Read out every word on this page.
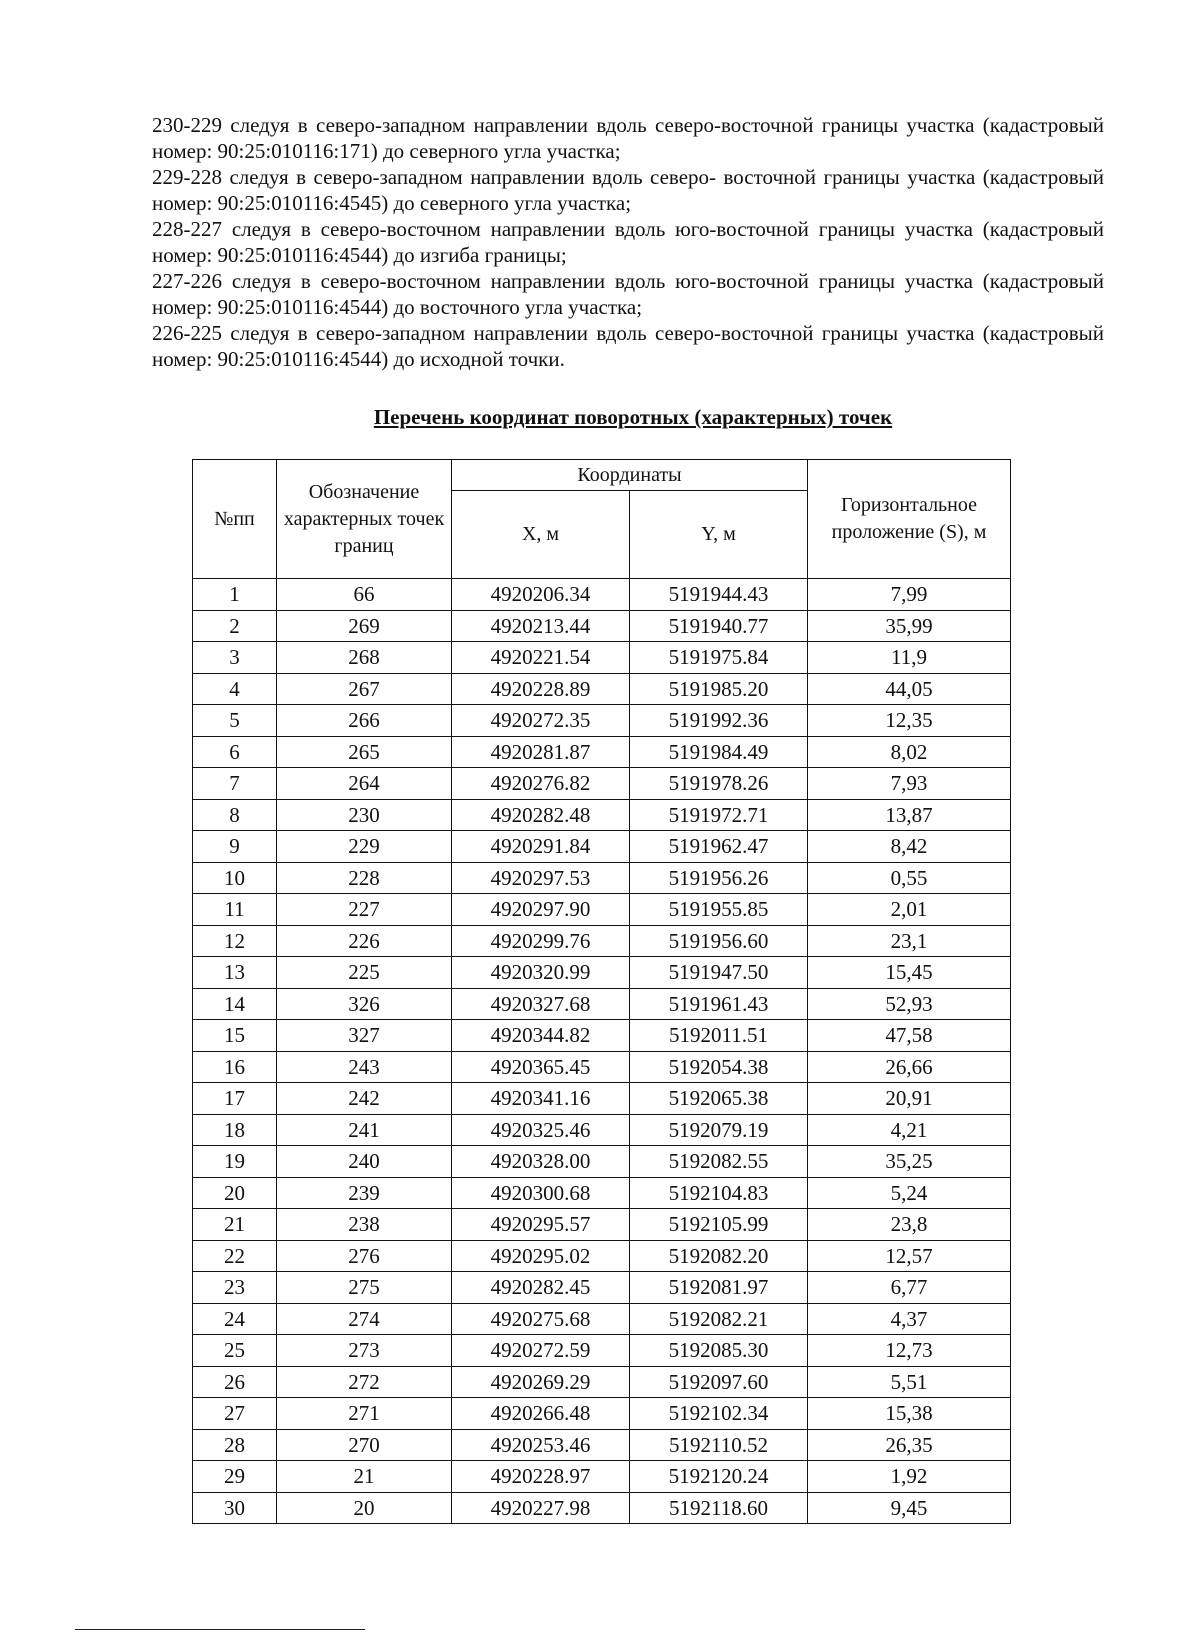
230-229 следуя в северо-западном направлении вдоль северо-восточной границы участка (кадастровый номер: 90:25:010116:171) до северного угла участка;

229-228 следуя в северо-западном направлении вдоль северо- восточной границы участка (кадастровый номер: 90:25:010116:4545) до северного угла участка;

228-227 следуя в северо-восточном направлении вдоль юго-восточной границы участка (кадастровый номер: 90:25:010116:4544) до изгиба границы;

227-226 следуя в северо-восточном направлении вдоль юго-восточной границы участка (кадастровый номер: 90:25:010116:4544) до восточного угла участка;

226-225 следуя в северо-западном направлении вдоль северо-восточной границы участка (кадастровый номер: 90:25:010116:4544) до исходной точки.

Перечень координат поворотных (характерных) точек
№пп	Обозначение характерных точек границ	Координаты		Горизонтальное проложение (S), м
		X, м	Y, м	
1	66	4920206.34	5191944.43	7,99
2	269	4920213.44	5191940.77	35,99
3	268	4920221.54	5191975.84	11,9
4	267	4920228.89	5191985.20	44,05
5	266	4920272.35	5191992.36	12,35
6	265	4920281.87	5191984.49	8,02
7	264	4920276.82	5191978.26	7,93
8	230	4920282.48	5191972.71	13,87
9	229	4920291.84	5191962.47	8,42
10	228	4920297.53	5191956.26	0,55
11	227	4920297.90	5191955.85	2,01
12	226	4920299.76	5191956.60	23,1
13	225	4920320.99	5191947.50	15,45
14	326	4920327.68	5191961.43	52,93
15	327	4920344.82	5192011.51	47,58
16	243	4920365.45	5192054.38	26,66
17	242	4920341.16	5192065.38	20,91
18	241	4920325.46	5192079.19	4,21
19	240	4920328.00	5192082.55	35,25
20	239	4920300.68	5192104.83	5,24
21	238	4920295.57	5192105.99	23,8
22	276	4920295.02	5192082.20	12,57
23	275	4920282.45	5192081.97	6,77
24	274	4920275.68	5192082.21	4,37
25	273	4920272.59	5192085.30	12,73
26	272	4920269.29	5192097.60	5,51
27	271	4920266.48	5192102.34	15,38
28	270	4920253.46	5192110.52	26,35
29	21	4920228.97	5192120.24	1,92
30	20	4920227.98	5192118.60	9,45
